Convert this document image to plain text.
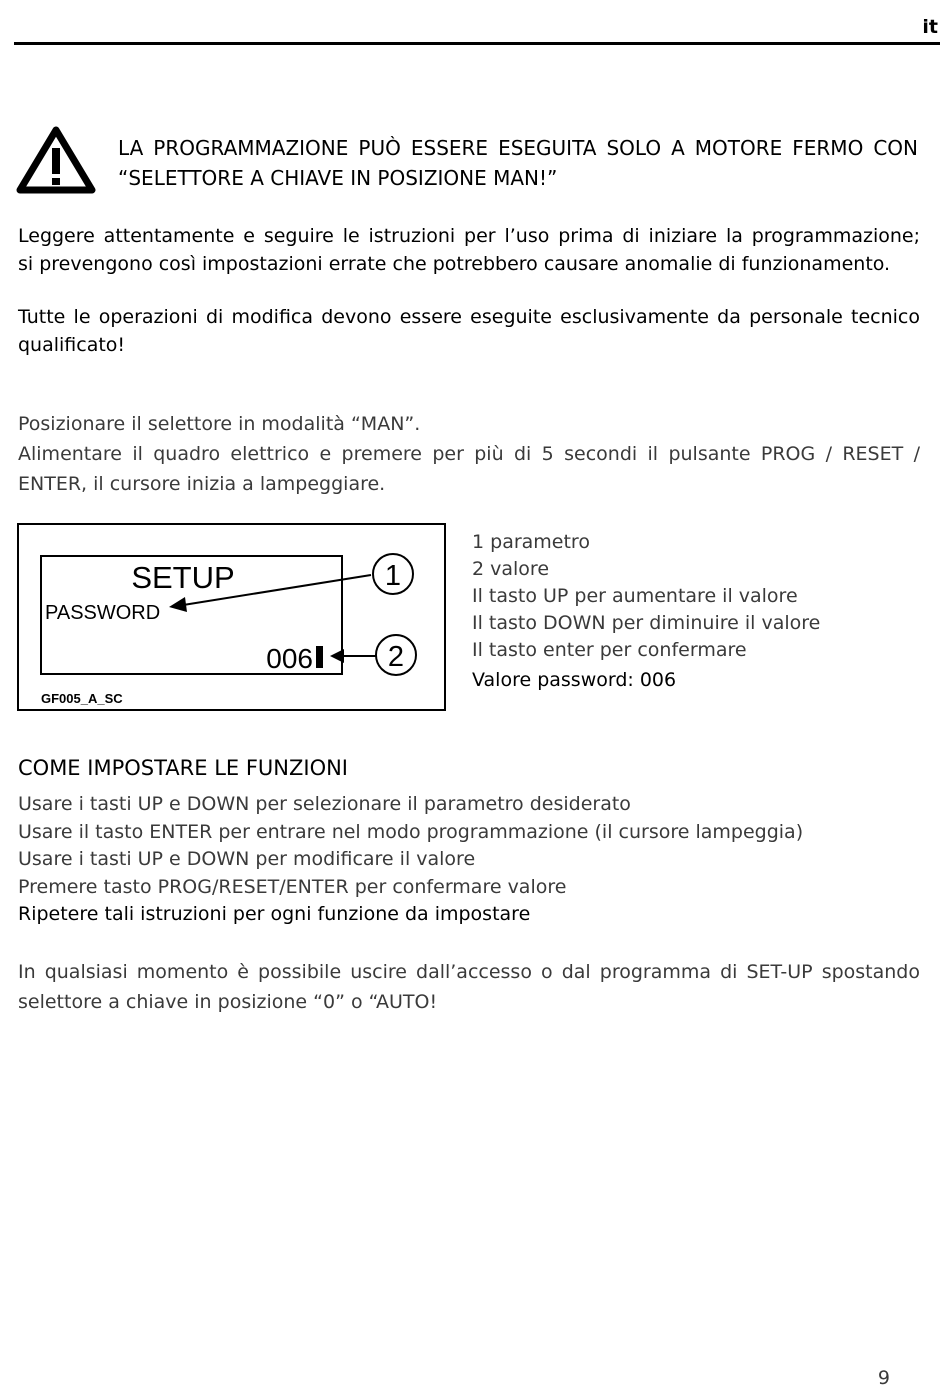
it
LA PROGRAMMAZIONE PUÒ ESSERE ESEGUITA SOLO A MOTORE FERMO CON
“SELETTORE A CHIAVE IN POSIZIONE MAN!”
Leggere attentamente e seguire le istruzioni per l’uso prima di iniziare la programmazione;
si prevengono così impostazioni errate che potrebbero causare anomalie di funzionamento.
Tutte le operazioni di modifica devono essere eseguite esclusivamente da personale tecnico
qualificato!
Posizionare il selettore in modalità “MAN”.
Alimentare il quadro elettrico e premere per più di 5 secondi il pulsante PROG / RESET /
ENTER, il cursore inizia a lampeggiare.
SETUP
PASSWORD
006
1
2
GF005_A_SC
1 parametro
2 valore
Il tasto UP per aumentare il valore
Il tasto DOWN per diminuire il valore
Il tasto enter per confermare
Valore password: 006
COME IMPOSTARE LE FUNZIONI
Usare i tasti UP e DOWN per selezionare il parametro desiderato
Usare il tasto ENTER per entrare nel modo programmazione (il cursore lampeggia)
Usare i tasti UP e DOWN per modificare il valore
Premere tasto PROG/RESET/ENTER per confermare valore
Ripetere tali istruzioni per ogni funzione da impostare
In qualsiasi momento è possibile uscire dall’accesso o dal programma di SET-UP spostando
selettore a chiave in posizione “0” o “AUTO!
9
